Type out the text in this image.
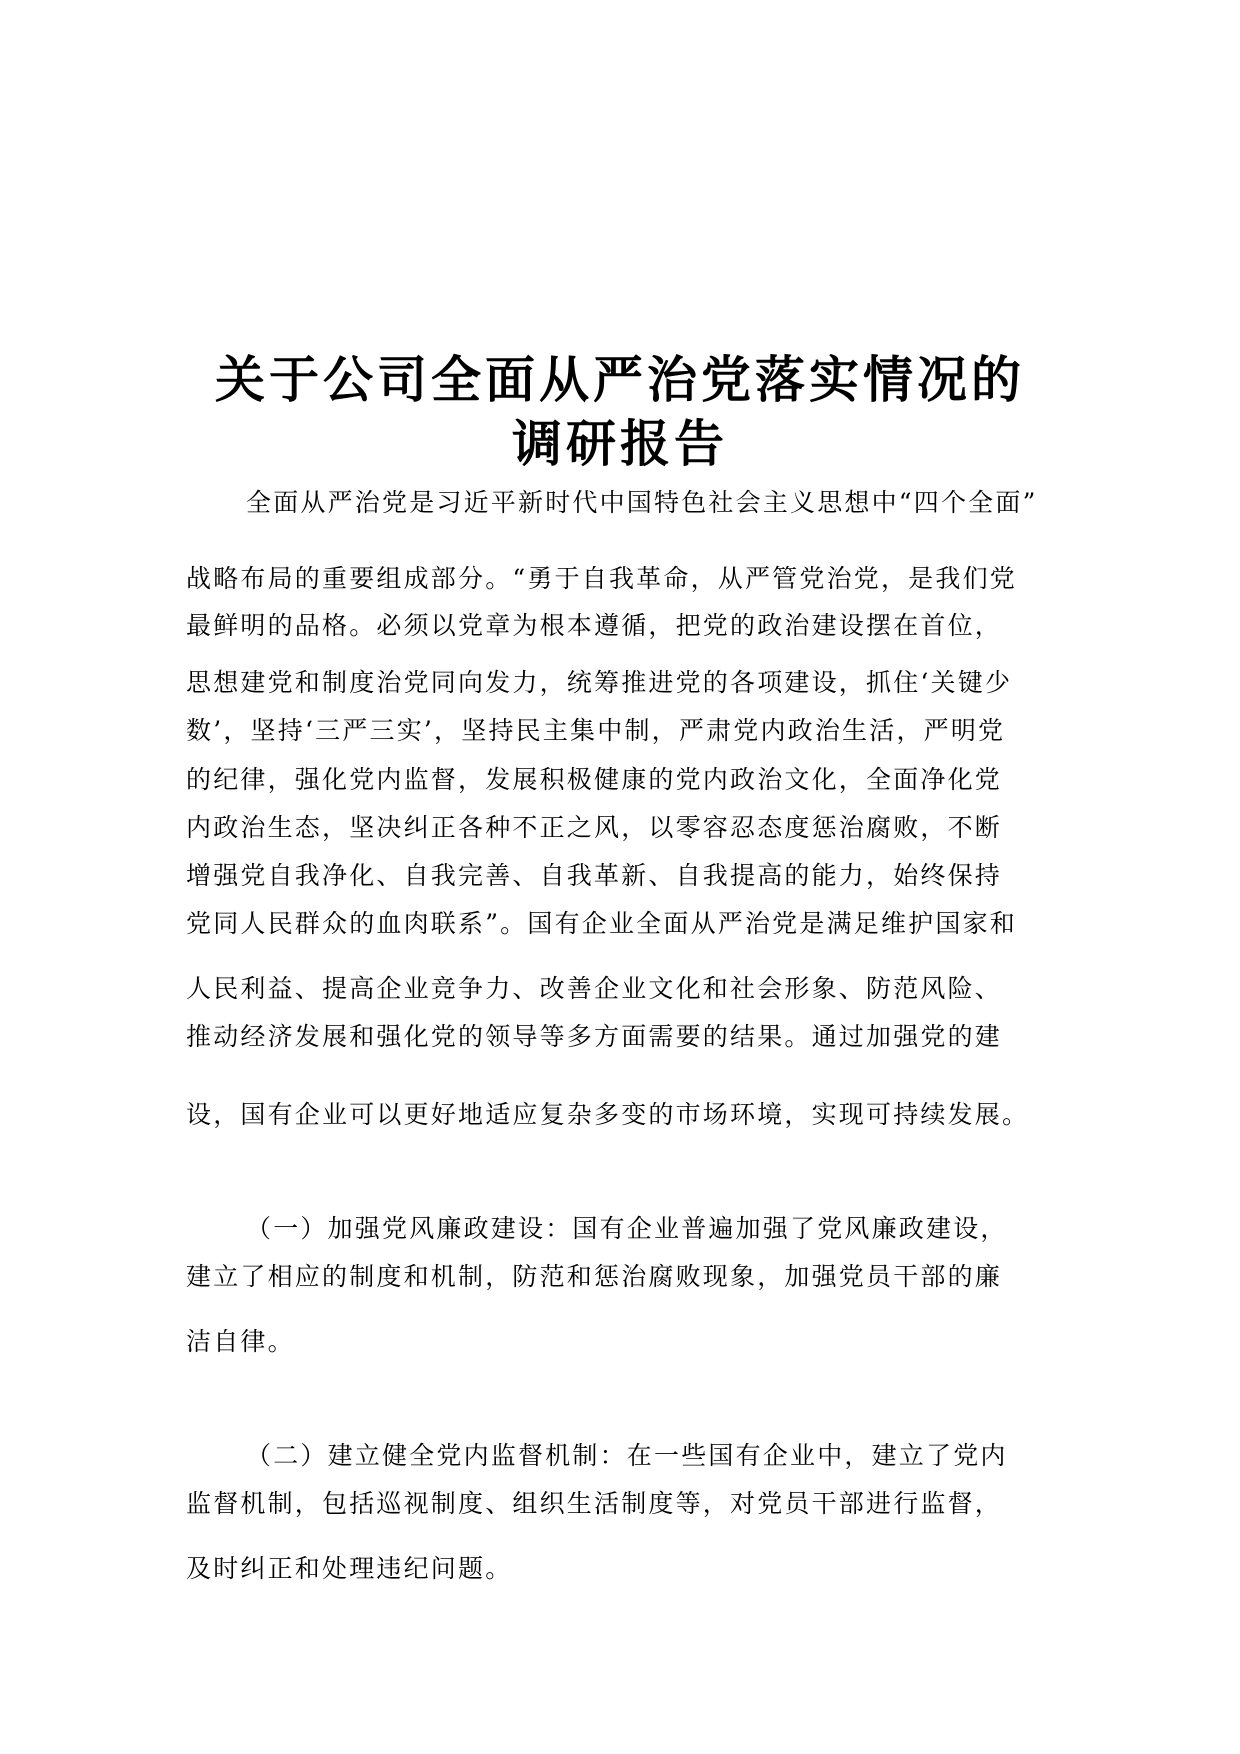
关于公司全面从严治党落实情况的
调研报告

全面从严治党是习近平新时代中国特色社会主义思想中“四个全面”

战略布局的重要组成部分。“勇于自我革命，从严管党治党，是我们党

最鲜明的品格。必须以党章为根本遵循，把党的政治建设摆在首位，

思想建党和制度治党同向发力，统筹推进党的各项建设，抓住‘关键少

数’，坚持‘三严三实’，坚持民主集中制，严肃党内政治生活，严明党

的纪律，强化党内监督，发展积极健康的党内政治文化，全面净化党

内政治生态，坚决纠正各种不正之风，以零容忍态度惩治腐败，不断

增强党自我净化、自我完善、自我革新、自我提高的能力，始终保持

党同人民群众的血肉联系”。国有企业全面从严治党是满足维护国家和

人民利益、提高企业竞争力、改善企业文化和社会形象、防范风险、

推动经济发展和强化党的领导等多方面需要的结果。通过加强党的建

设，国有企业可以更好地适应复杂多变的市场环境，实现可持续发展。

（一）加强党风廉政建设：国有企业普遍加强了党风廉政建设，

建立了相应的制度和机制，防范和惩治腐败现象，加强党员干部的廉

洁自律。

（二）建立健全党内监督机制：在一些国有企业中，建立了党内

监督机制，包括巡视制度、组织生活制度等，对党员干部进行监督，

及时纠正和处理违纪问题。
